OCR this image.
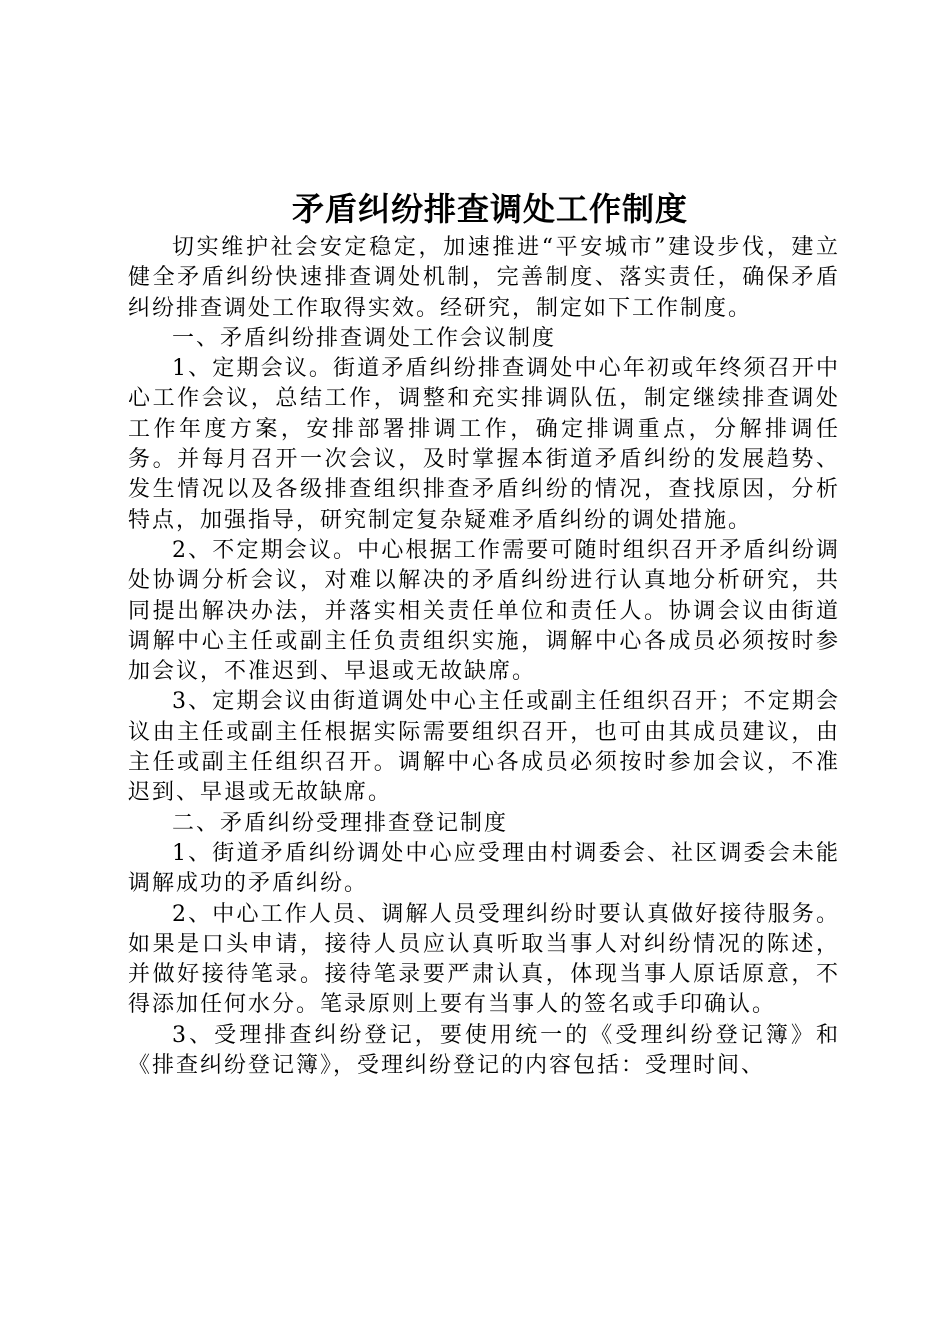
矛盾纠纷排查调处工作制度

切实维护社会安定稳定，加速推进“平安城市”建设步伐，建立健全矛盾纠纷快速排查调处机制，完善制度、落实责任，确保矛盾纠纷排查调处工作取得实效。经研究，制定如下工作制度。

一、矛盾纠纷排查调处工作会议制度

1、定期会议。街道矛盾纠纷排查调处中心年初或年终须召开中心工作会议，总结工作，调整和充实排调队伍，制定继续排查调处工作年度方案，安排部署排调工作，确定排调重点，分解排调任务。并每月召开一次会议，及时掌握本街道矛盾纠纷的发展趋势、发生情况以及各级排查组织排查矛盾纠纷的情况，查找原因，分析特点，加强指导，研究制定复杂疑难矛盾纠纷的调处措施。

2、不定期会议。中心根据工作需要可随时组织召开矛盾纠纷调处协调分析会议，对难以解决的矛盾纠纷进行认真地分析研究，共同提出解决办法，并落实相关责任单位和责任人。协调会议由街道调解中心主任或副主任负责组织实施，调解中心各成员必须按时参加会议，不准迟到、早退或无故缺席。

3、定期会议由街道调处中心主任或副主任组织召开；不定期会议由主任或副主任根据实际需要组织召开，也可由其成员建议，由主任或副主任组织召开。调解中心各成员必须按时参加会议，不准迟到、早退或无故缺席。

二、矛盾纠纷受理排查登记制度

1、街道矛盾纠纷调处中心应受理由村调委会、社区调委会未能调解成功的矛盾纠纷。

2、中心工作人员、调解人员受理纠纷时要认真做好接待服务。如果是口头申请，接待人员应认真听取当事人对纠纷情况的陈述，并做好接待笔录。接待笔录要严肃认真，体现当事人原话原意，不得添加任何水分。笔录原则上要有当事人的签名或手印确认。

3、受理排查纠纷登记，要使用统一的《受理纠纷登记簿》和《排查纠纷登记簿》，受理纠纷登记的内容包括：受理时间、
